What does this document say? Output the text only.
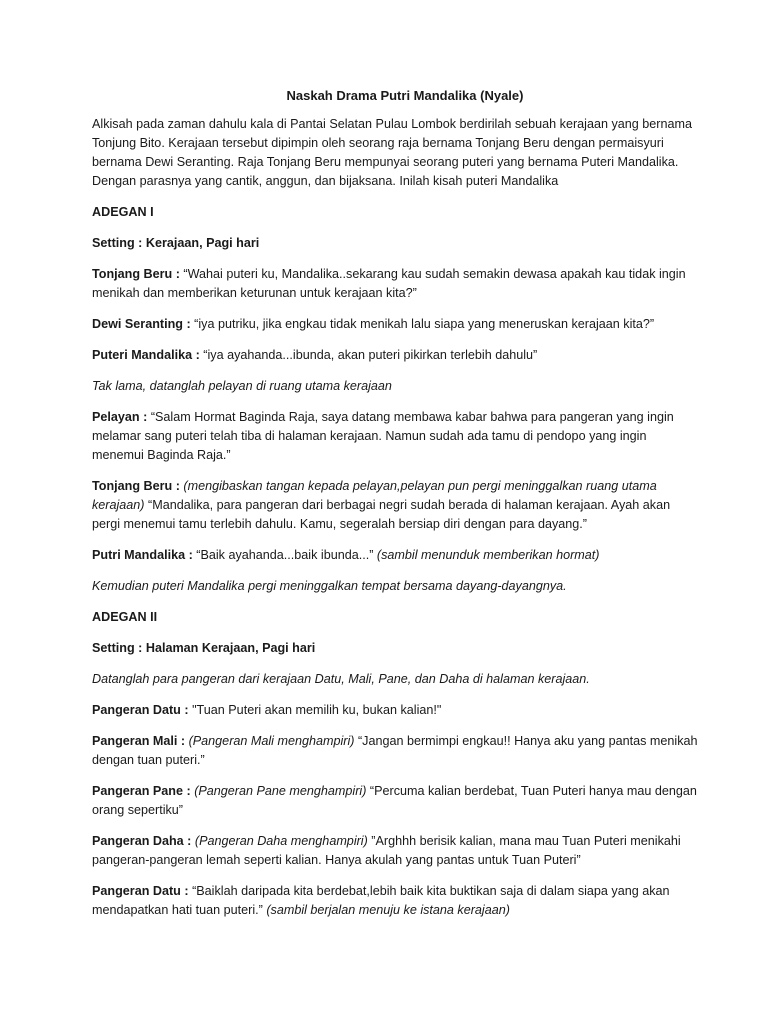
Naskah Drama Putri Mandalika (Nyale)

Alkisah pada zaman dahulu kala di Pantai Selatan Pulau Lombok berdirilah sebuah kerajaan yang bernama Tonjung Bito. Kerajaan tersebut dipimpin oleh seorang raja bernama Tonjang Beru dengan permaisyuri bernama Dewi Seranting. Raja Tonjang Beru mempunyai seorang puteri yang bernama Puteri Mandalika. Dengan parasnya yang cantik, anggun, dan bijaksana. Inilah kisah puteri Mandalika

ADEGAN I

Setting : Kerajaan, Pagi hari

Tonjang Beru : “Wahai puteri ku, Mandalika..sekarang kau sudah semakin dewasa apakah kau tidak ingin menikah dan memberikan keturunan untuk kerajaan kita?”

Dewi Seranting : “iya putriku, jika engkau tidak menikah lalu siapa yang meneruskan kerajaan kita?”

Puteri Mandalika : “iya ayahanda...ibunda, akan puteri pikirkan terlebih dahulu”

Tak lama, datanglah pelayan di ruang utama kerajaan

Pelayan : “Salam Hormat Baginda Raja, saya datang membawa kabar bahwa para pangeran yang ingin melamar sang puteri telah tiba di halaman kerajaan. Namun sudah ada tamu di pendopo yang ingin menemui Baginda Raja.”

Tonjang Beru : (mengibaskan tangan kepada pelayan,pelayan pun pergi meninggalkan ruang utama kerajaan) “Mandalika, para pangeran dari berbagai negri sudah berada di halaman kerajaan. Ayah akan pergi menemui tamu terlebih dahulu. Kamu, segeralah bersiap diri dengan para dayang.”

Putri Mandalika : “Baik ayahanda...baik ibunda...” (sambil menunduk memberikan hormat)

Kemudian puteri Mandalika pergi meninggalkan tempat bersama dayang-dayangnya.

ADEGAN II

Setting : Halaman Kerajaan, Pagi hari

Datanglah para pangeran dari kerajaan Datu, Mali, Pane, dan Daha di halaman kerajaan.

Pangeran Datu : "Tuan Puteri akan memilih ku, bukan kalian!"

Pangeran Mali : (Pangeran Mali menghampiri) “Jangan bermimpi engkau!! Hanya aku yang pantas menikah dengan tuan puteri.”

Pangeran Pane : (Pangeran Pane menghampiri) “Percuma kalian berdebat, Tuan Puteri hanya mau dengan orang sepertiku”

Pangeran Daha : (Pangeran Daha menghampiri) ”Arghhh berisik kalian, mana mau Tuan Puteri menikahi pangeran-pangeran lemah seperti kalian. Hanya akulah yang pantas untuk Tuan Puteri”

Pangeran Datu : “Baiklah daripada kita berdebat,lebih baik kita buktikan saja di dalam siapa yang akan mendapatkan hati tuan puteri.” (sambil berjalan menuju ke istana kerajaan)
